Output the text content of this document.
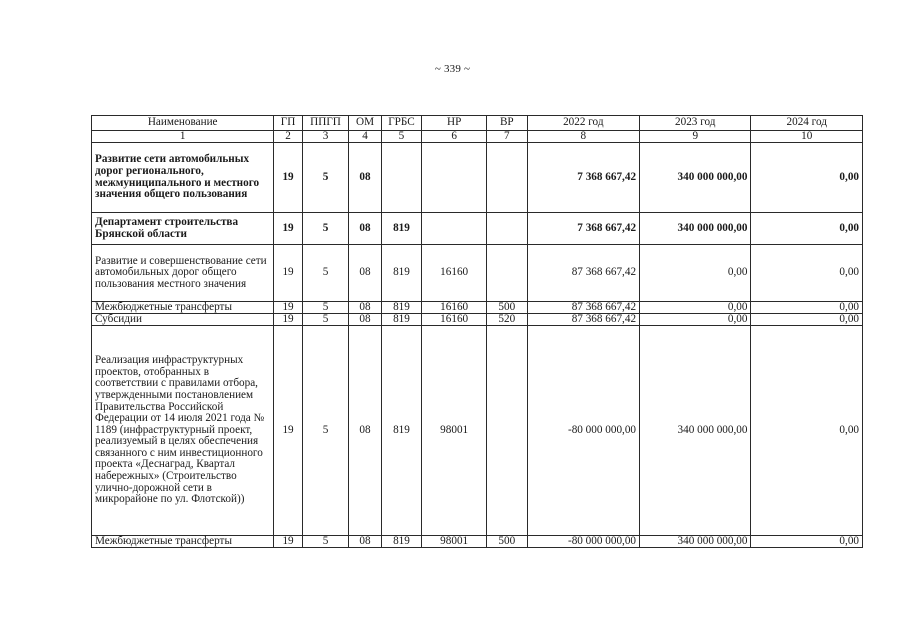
~ 339 ~
Наименование	ГП	ППГП	ОМ	ГРБС	НР	ВР	2022 год	2023 год	2024 год
1	2	3	4	5	6	7	8	9	10
Развитие сети автомобильных дорог регионального, межмуниципального и местного значения общего пользования	19	5	08				7 368 667,42	340 000 000,00	0,00
Департамент строительства Брянской области	19	5	08	819			7 368 667,42	340 000 000,00	0,00
Развитие и совершенствование сети автомобильных дорог общего пользования местного значения	19	5	08	819	16160		87 368 667,42	0,00	0,00
Межбюджетные трансферты	19	5	08	819	16160	500	87 368 667,42	0,00	0,00
Субсидии	19	5	08	819	16160	520	87 368 667,42	0,00	0,00
Реализация инфраструктурных проектов, отобранных в соответствии с правилами отбора, утвержденными постановлением Правительства Российской Федерации от 14 июля 2021 года № 1189 (инфраструктурный проект, реализуемый в целях обеспечения связанного с ним инвестиционного проекта «Деснаград, Квартал набережных» (Строительство улично-дорожной сети в микрорайоне по ул. Флотской))	19	5	08	819	98001		-80 000 000,00	340 000 000,00	0,00
Межбюджетные трансферты	19	5	08	819	98001	500	-80 000 000,00	340 000 000,00	0,00
